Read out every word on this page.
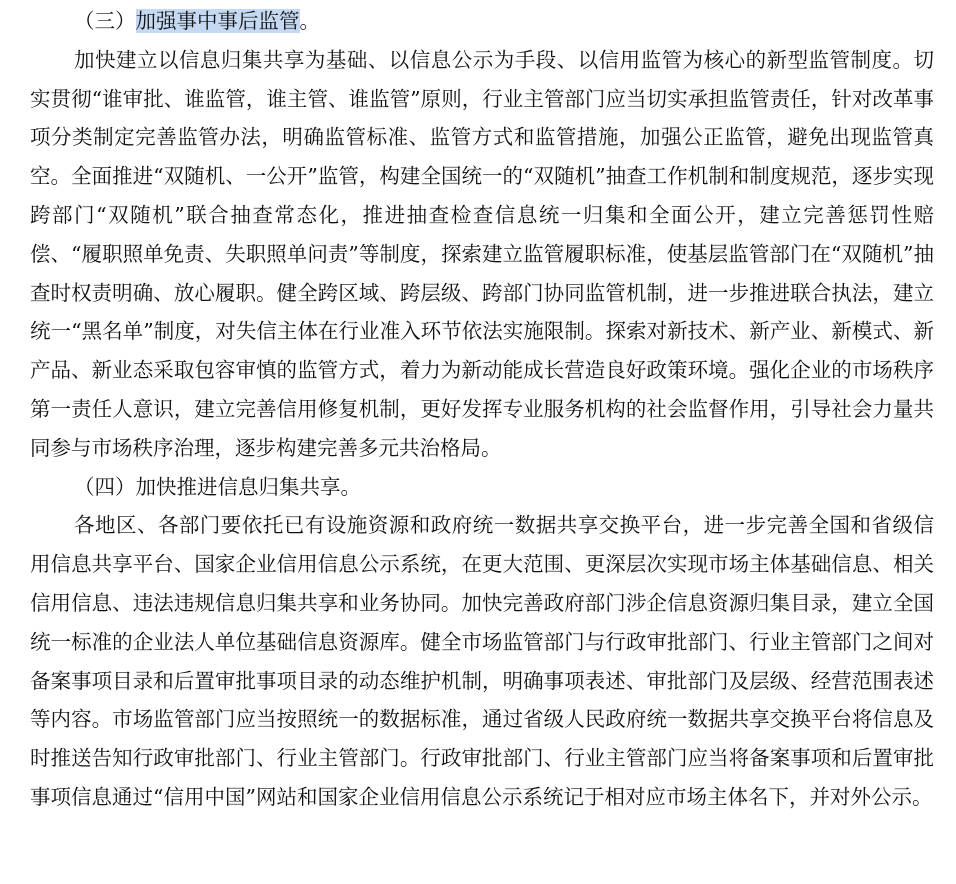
（三）加强事中事后监管。

加快建立以信息归集共享为基础、以信息公示为手段、以信用监管为核心的新型监管制度。切实贯彻“谁审批、谁监管，谁主管、谁监管”原则，行业主管部门应当切实承担监管责任，针对改革事项分类制定完善监管办法，明确监管标准、监管方式和监管措施，加强公正监管，避免出现监管真空。全面推进“双随机、一公开”监管，构建全国统一的“双随机”抽查工作机制和制度规范，逐步实现跨部门“双随机”联合抽查常态化，推进抽查检查信息统一归集和全面公开，建立完善惩罚性赔偿、“履职照单免责、失职照单问责”等制度，探索建立监管履职标准，使基层监管部门在“双随机”抽查时权责明确、放心履职。健全跨区域、跨层级、跨部门协同监管机制，进一步推进联合执法，建立统一“黑名单”制度，对失信主体在行业准入环节依法实施限制。探索对新技术、新产业、新模式、新产品、新业态采取包容审慎的监管方式，着力为新动能成长营造良好政策环境。强化企业的市场秩序第一责任人意识，建立完善信用修复机制，更好发挥专业服务机构的社会监督作用，引导社会力量共同参与市场秩序治理，逐步构建完善多元共治格局。

（四）加快推进信息归集共享。

各地区、各部门要依托已有设施资源和政府统一数据共享交换平台，进一步完善全国和省级信用信息共享平台、国家企业信用信息公示系统，在更大范围、更深层次实现市场主体基础信息、相关信用信息、违法违规信息归集共享和业务协同。加快完善政府部门涉企信息资源归集目录，建立全国统一标准的企业法人单位基础信息资源库。健全市场监管部门与行政审批部门、行业主管部门之间对备案事项目录和后置审批事项目录的动态维护机制，明确事项表述、审批部门及层级、经营范围表述等内容。市场监管部门应当按照统一的数据标准，通过省级人民政府统一数据共享交换平台将信息及时推送告知行政审批部门、行业主管部门。行政审批部门、行业主管部门应当将备案事项和后置审批事项信息通过“信用中国”网站和国家企业信用信息公示系统记于相对应市场主体名下，并对外公示。
